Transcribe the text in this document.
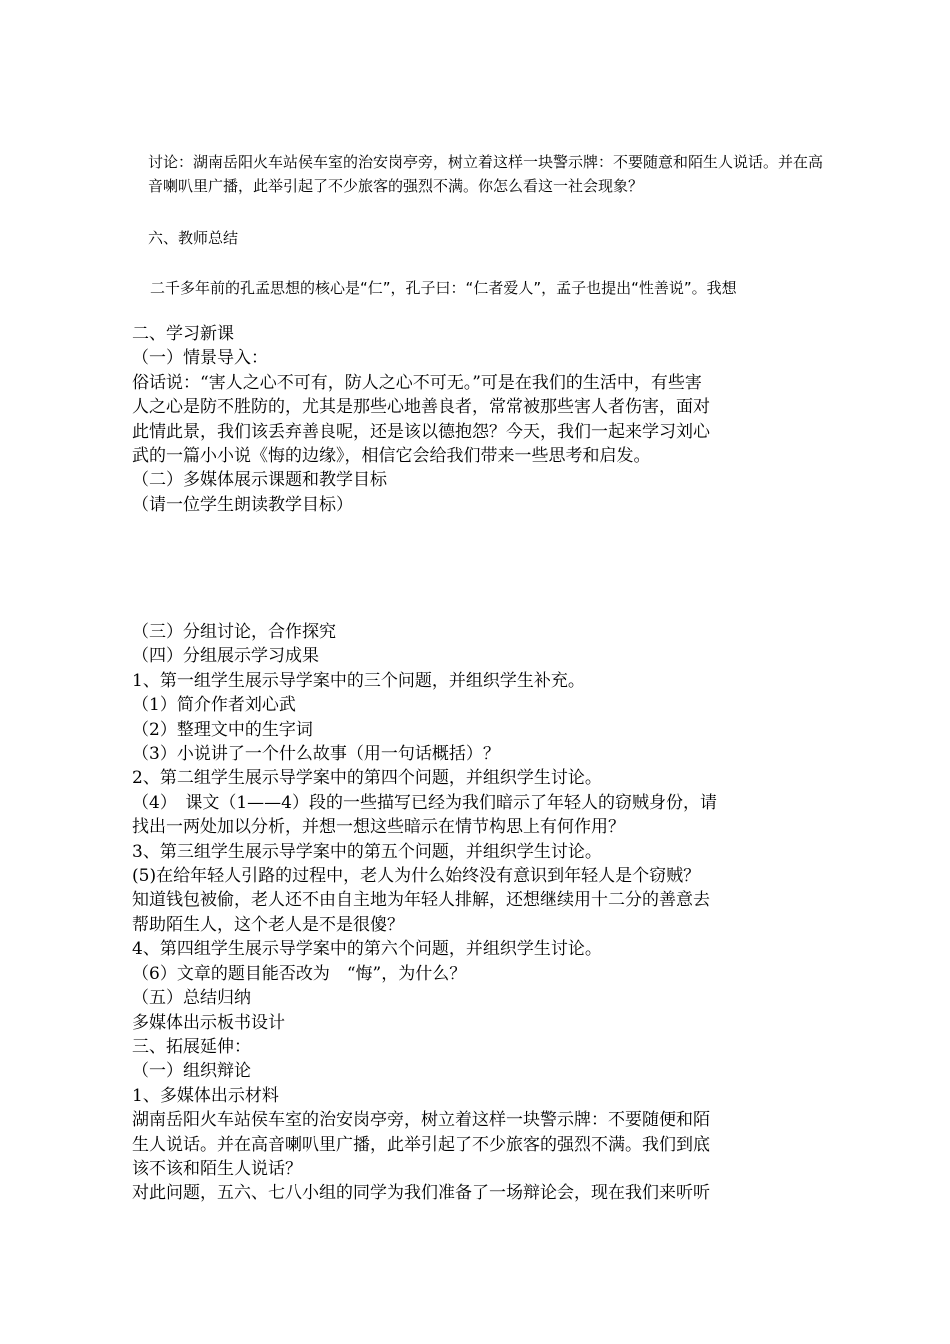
讨论：湖南岳阳火车站侯车室的治安岗亭旁，树立着这样一块警示牌：不要随意和陌生人说话。并在高音喇叭里广播，此举引起了不少旅客的强烈不满。你怎么看这一社会现象？

六、教师总结

二千多年前的孔孟思想的核心是“仁”，孔子曰：“仁者爱人”，孟子也提出“性善说”。我想

二、学习新课

（一）情景导入：

俗话说：“害人之心不可有，防人之心不可无。”可是在我们的生活中，有些害

人之心是防不胜防的，尤其是那些心地善良者，常常被那些害人者伤害，面对

此情此景，我们该丢弃善良呢，还是该以德抱怨？今天，我们一起来学习刘心

武的一篇小小说《悔的边缘》，相信它会给我们带来一些思考和启发。

（二）多媒体展示课题和教学目标

（请一位学生朗读教学目标）

（三）分组讨论，合作探究

（四）分组展示学习成果

1、第一组学生展示导学案中的三个问题，并组织学生补充。

（1）简介作者刘心武

（2）整理文中的生字词

（3）小说讲了一个什么故事（用一句话概括）？

2、第二组学生展示导学案中的第四个问题，并组织学生讨论。

（4）　课文（1——4）段的一些描写已经为我们暗示了年轻人的窃贼身份，请

找出一两处加以分析，并想一想这些暗示在情节构思上有何作用？

3、第三组学生展示导学案中的第五个问题，并组织学生讨论。

(5)在给年轻人引路的过程中，老人为什么始终没有意识到年轻人是个窃贼？

知道钱包被偷，老人还不由自主地为年轻人排解，还想继续用十二分的善意去

帮助陌生人，这个老人是不是很傻？

4、第四组学生展示导学案中的第六个问题，并组织学生讨论。

（6）文章的题目能否改为　“悔”，为什么？

（五）总结归纳

多媒体出示板书设计

三、拓展延伸：

（一）组织辩论

1、多媒体出示材料

湖南岳阳火车站侯车室的治安岗亭旁，树立着这样一块警示牌：不要随便和陌

生人说话。并在高音喇叭里广播，此举引起了不少旅客的强烈不满。我们到底

该不该和陌生人说话？

对此问题，五六、七八小组的同学为我们准备了一场辩论会，现在我们来听听
